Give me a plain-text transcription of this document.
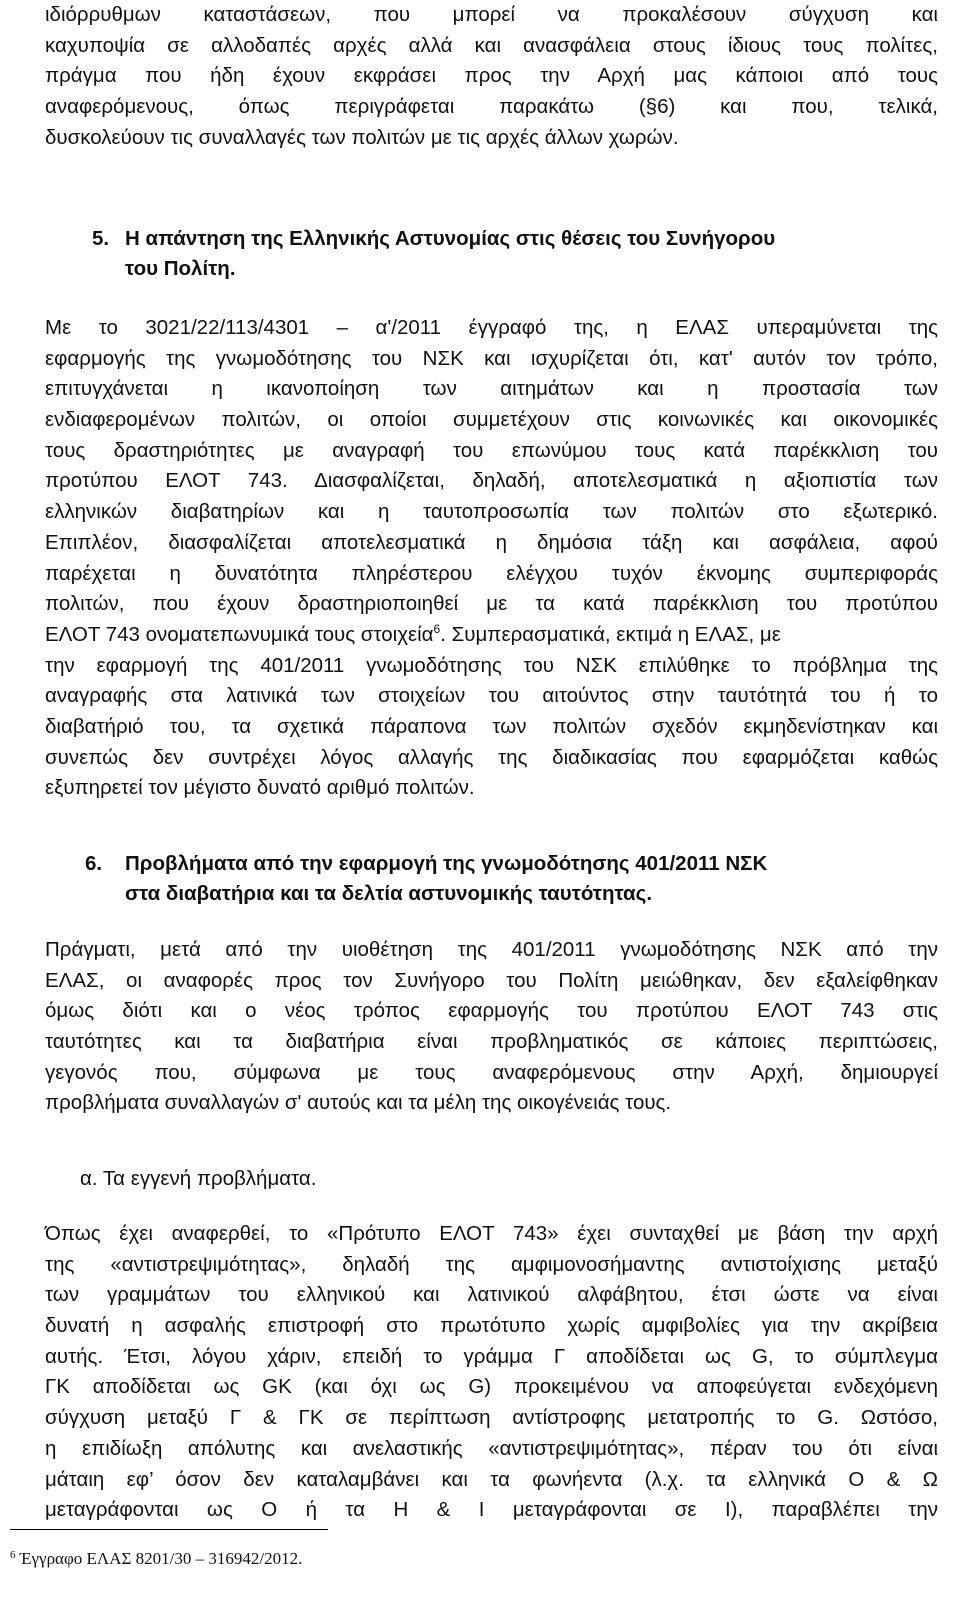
ιδιόρρυθμων καταστάσεων, που μπορεί να προκαλέσουν σύγχυση και
καχυποψία σε αλλοδαπές αρχές αλλά και ανασφάλεια στους ίδιους τους πολίτες,
πράγμα που ήδη έχουν εκφράσει προς την Αρχή μας κάποιοι από τους
αναφερόμενους, όπως περιγράφεται παρακάτω (§6) και που, τελικά,
δυσκολεύουν τις συναλλαγές των πολιτών με τις αρχές άλλων χωρών.
5. Η απάντηση της Ελληνικής Αστυνομίας στις θέσεις του Συνήγορου
του Πολίτη.
Με το 3021/22/113/4301 – α'/2011 έγγραφό της, η ΕΛΑΣ υπεραμύνεται της
εφαρμογής της γνωμοδότησης του ΝΣΚ και ισχυρίζεται ότι, κατ' αυτόν τον τρόπο,
επιτυγχάνεται η ικανοποίηση των αιτημάτων και η προστασία των
ενδιαφερομένων πολιτών, οι οποίοι συμμετέχουν στις κοινωνικές και οικονομικές
τους δραστηριότητες με αναγραφή του επωνύμου τους κατά παρέκκλιση του
προτύπου ΕΛΟΤ 743. Διασφαλίζεται, δηλαδή, αποτελεσματικά η αξιοπιστία των
ελληνικών διαβατηρίων και η ταυτοπροσωπία των πολιτών στο εξωτερικό.
Επιπλέον, διασφαλίζεται αποτελεσματικά η δημόσια τάξη και ασφάλεια, αφού
παρέχεται η δυνατότητα πληρέστερου ελέγχου τυχόν έκνομης συμπεριφοράς
πολιτών, που έχουν δραστηριοποιηθεί με τα κατά παρέκκλιση του προτύπου
ΕΛΟΤ 743 ονοματεπωνυμικά τους στοιχεία$^6$. Συμπερασματικά, εκτιμά η ΕΛΑΣ, με
την εφαρμογή της 401/2011 γνωμοδότησης του ΝΣΚ επιλύθηκε το πρόβλημα της
αναγραφής στα λατινικά των στοιχείων του αιτούντος στην ταυτότητά του ή το
διαβατήριό του, τα σχετικά πάραπονα των πολιτών σχεδόν εκμηδενίστηκαν και
συνεπώς δεν συντρέχει λόγος αλλαγής της διαδικασίας που εφαρμόζεται καθώς
εξυπηρετεί τον μέγιστο δυνατό αριθμό πολιτών.
6. Προβλήματα από την εφαρμογή της γνωμοδότησης 401/2011 ΝΣΚ
στα διαβατήρια και τα δελτία αστυνομικής ταυτότητας.
Πράγματι, μετά από την υιοθέτηση της 401/2011 γνωμοδότησης ΝΣΚ από την
ΕΛΑΣ, οι αναφορές προς τον Συνήγορο του Πολίτη μειώθηκαν, δεν εξαλείφθηκαν
όμως διότι και ο νέος τρόπος εφαρμογής του προτύπου ΕΛΟΤ 743 στις
ταυτότητες και τα διαβατήρια είναι προβληματικός σε κάποιες περιπτώσεις,
γεγονός που, σύμφωνα με τους αναφερόμενους στην Αρχή, δημιουργεί
προβλήματα συναλλαγών σ' αυτούς και τα μέλη της οικογένειάς τους.
α. Τα εγγενή προβλήματα.
Όπως έχει αναφερθεί, το «Πρότυπο ΕΛΟΤ 743» έχει συνταχθεί με βάση την αρχή
της «αντιστρεψιμότητας», δηλαδή της αμφιμονοσήμαντης αντιστοίχισης μεταξύ
των γραμμάτων του ελληνικού και λατινικού αλφάβητου, έτσι ώστε να είναι
δυνατή η ασφαλής επιστροφή στο πρωτότυπο χωρίς αμφιβολίες για την ακρίβεια
αυτής. Έτσι, λόγου χάριν, επειδή το γράμμα Γ αποδίδεται ως G, το σύμπλεγμα
ΓΚ αποδίδεται ως GK (και όχι ως G) προκειμένου να αποφεύγεται ενδεχόμενη
σύγχυση μεταξύ Γ & ΓΚ σε περίπτωση αντίστροφης μετατροπής το G. Ωστόσο,
η επιδίωξη απόλυτης και ανελαστικής «αντιστρεψιμότητας», πέραν του ότι είναι
μάταιη εφ’ όσον δεν καταλαμβάνει και τα φωνήεντα (λ.χ. τα ελληνικά Ο & Ω
μεταγράφονται ως Ο ή τα Η & Ι μεταγράφονται σε Ι), παραβλέπει την
$^6$ Έγγραφο ΕΛΑΣ 8201/30 – 316942/2012.
